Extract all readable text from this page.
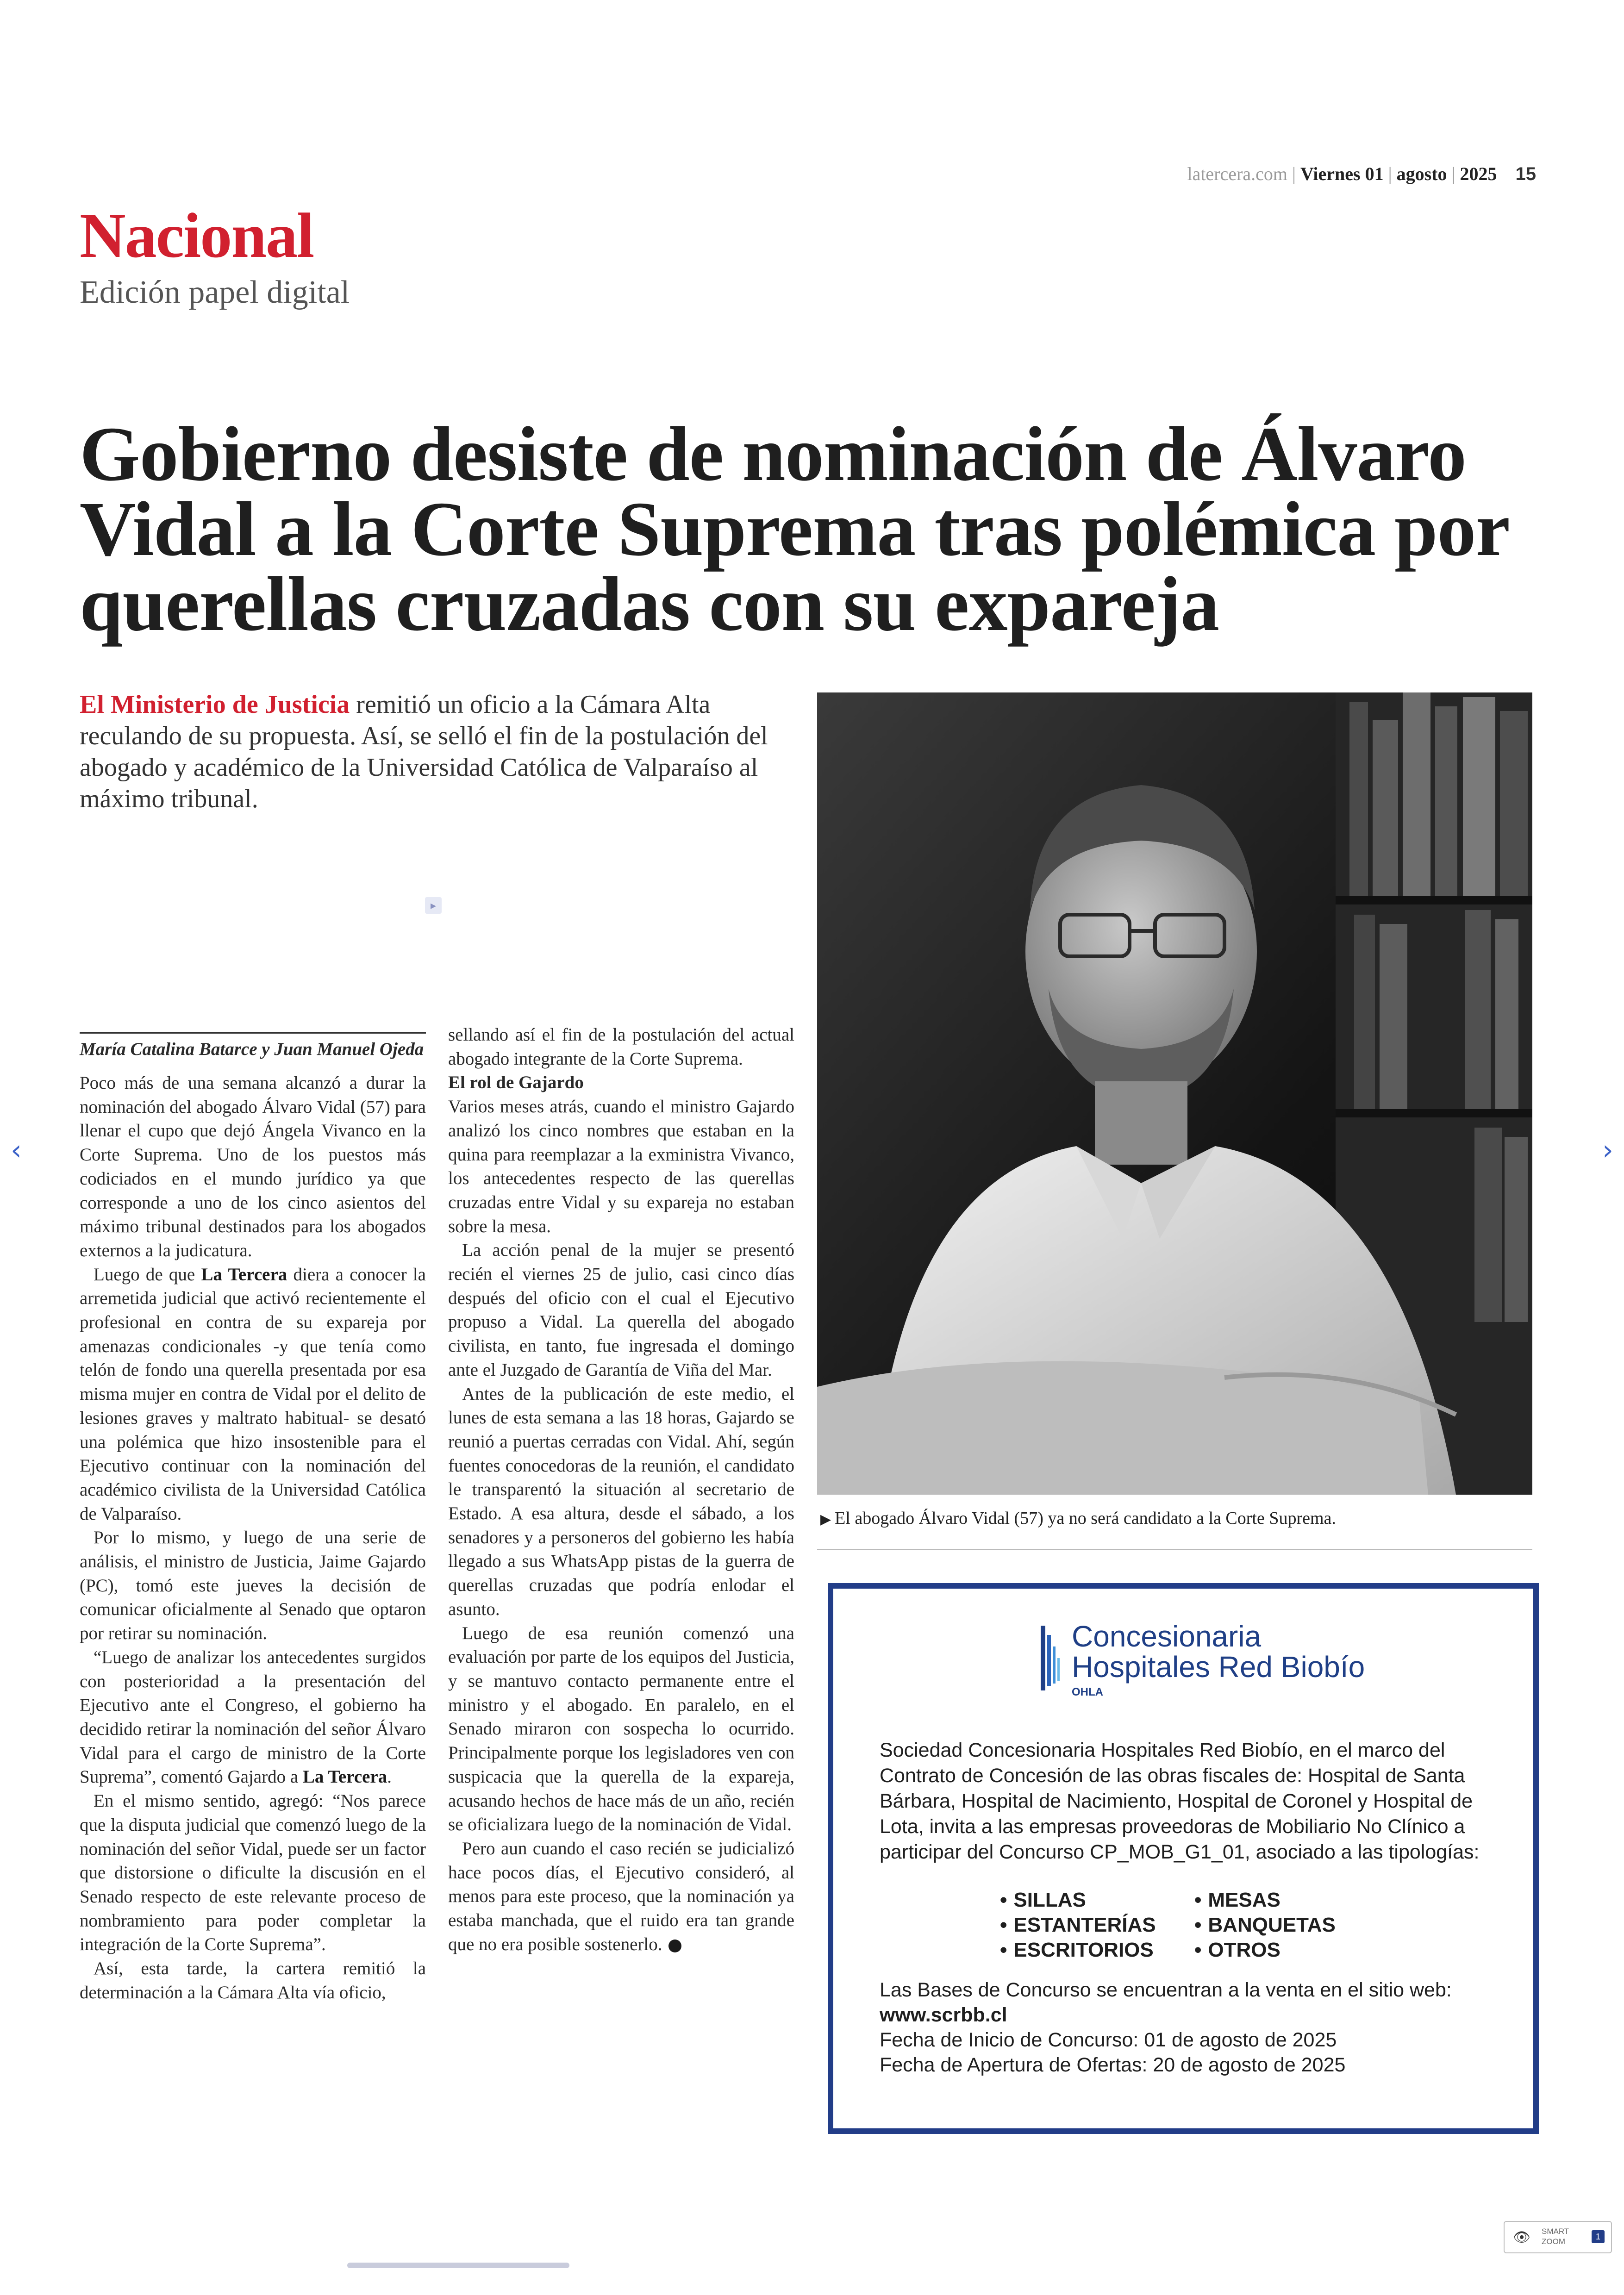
latercera.com | Viernes 01 | agosto | 2025 15
Nacional
Edición papel digital
Gobierno desiste de nominación de Álvaro Vidal a la Corte Suprema tras polémica por querellas cruzadas con su expareja
El Ministerio de Justicia remitió un oficio a la Cámara Alta reculando de su propuesta. Así, se selló el fin de la postulación del abogado y académico de la Universidad Católica de Valparaíso al máximo tribunal.
▸
▶ El abogado Álvaro Vidal (57) ya no será candidato a la Corte Suprema.
María Catalina Batarce y Juan Manuel Ojeda

Poco más de una semana alcanzó a durar la nominación del abogado Álvaro Vidal (57) para llenar el cupo que dejó Ángela Vivanco en la Corte Suprema. Uno de los puestos más codiciados en el mundo jurídico ya que corresponde a uno de los cinco asientos del máximo tribunal destinados para los abogados externos a la judicatura.

Luego de que La Tercera diera a conocer la arremetida judicial que activó recientemente el profesional en contra de su expareja por amenazas condicionales -y que tenía como telón de fondo una querella presentada por esa misma mujer en contra de Vidal por el delito de lesiones graves y maltrato habitual- se desató una polémica que hizo insostenible para el Ejecutivo continuar con la nominación del académico civilista de la Universidad Católica de Valparaíso.

Por lo mismo, y luego de una serie de análisis, el ministro de Justicia, Jaime Gajardo (PC), tomó este jueves la decisión de comunicar oficialmente al Senado que optaron por retirar su nominación.

“Luego de analizar los antecedentes surgidos con posterioridad a la presentación del Ejecutivo ante el Congreso, el gobierno ha decidido retirar la nominación del señor Álvaro Vidal para el cargo de ministro de la Corte Suprema”, comentó Gajardo a La Tercera.

En el mismo sentido, agregó: “Nos parece que la disputa judicial que comenzó luego de la nominación del señor Vidal, puede ser un factor que distorsione o dificulte la discusión en el Senado respecto de este relevante proceso de nombramiento para poder completar la integración de la Corte Suprema”.

Así, esta tarde, la cartera remitió la determinación a la Cámara Alta vía oficio,

sellando así el fin de la postulación del actual abogado integrante de la Corte Suprema.

El rol de Gajardo

Varios meses atrás, cuando el ministro Gajardo analizó los cinco nombres que estaban en la quina para reemplazar a la exministra Vivanco, los antecedentes respecto de las querellas cruzadas entre Vidal y su expareja no estaban sobre la mesa.

La acción penal de la mujer se presentó recién el viernes 25 de julio, casi cinco días después del oficio con el cual el Ejecutivo propuso a Vidal. La querella del abogado civilista, en tanto, fue ingresada el domingo ante el Juzgado de Garantía de Viña del Mar.

Antes de la publicación de este medio, el lunes de esta semana a las 18 horas, Gajardo se reunió a puertas cerradas con Vidal. Ahí, según fuentes conocedoras de la reunión, el candidato le transparentó la situación al secretario de Estado. A esa altura, desde el sábado, a los senadores y a personeros del gobierno les había llegado a sus WhatsApp pistas de la guerra de querellas cruzadas que podría enlodar el asunto.

Luego de esa reunión comenzó una evaluación por parte de los equipos del Justicia, y se mantuvo contacto permanente entre el ministro y el abogado. En paralelo, en el Senado miraron con sospecha lo ocurrido. Principalmente porque los legisladores ven con suspicacia que la querella de la expareja, acusando hechos de hace más de un año, recién se oficializara luego de la nominación de Vidal.

Pero aun cuando el caso recién se judicializó hace pocos días, el Ejecutivo consideró, al menos para este proceso, que la nominación ya estaba manchada, que el ruido era tan grande que no era posible sostenerlo.

Concesionaria
Hospitales Red Biobío
OHLA
Sociedad Concesionaria Hospitales Red Biobío, en el marco del Contrato de Concesión de las obras fiscales de: Hospital de Santa Bárbara, Hospital de Nacimiento, Hospital de Coronel y Hospital de Lota, invita a las empresas proveedoras de Mobiliario No Clínico a participar del Concurso CP_MOB_G1_01, asociado a las tipologías:
• SILLAS
• ESTANTERÍAS
• ESCRITORIOS
• MESAS
• BANQUETAS
• OTROS
Las Bases de Concurso se encuentran a la venta en el sitio web:
www.scrbb.cl
Fecha de Inicio de Concurso: 01 de agosto de 2025
Fecha de Apertura de Ofertas: 20 de agosto de 2025
‹	›
👁 SMART
ZOOM
1
